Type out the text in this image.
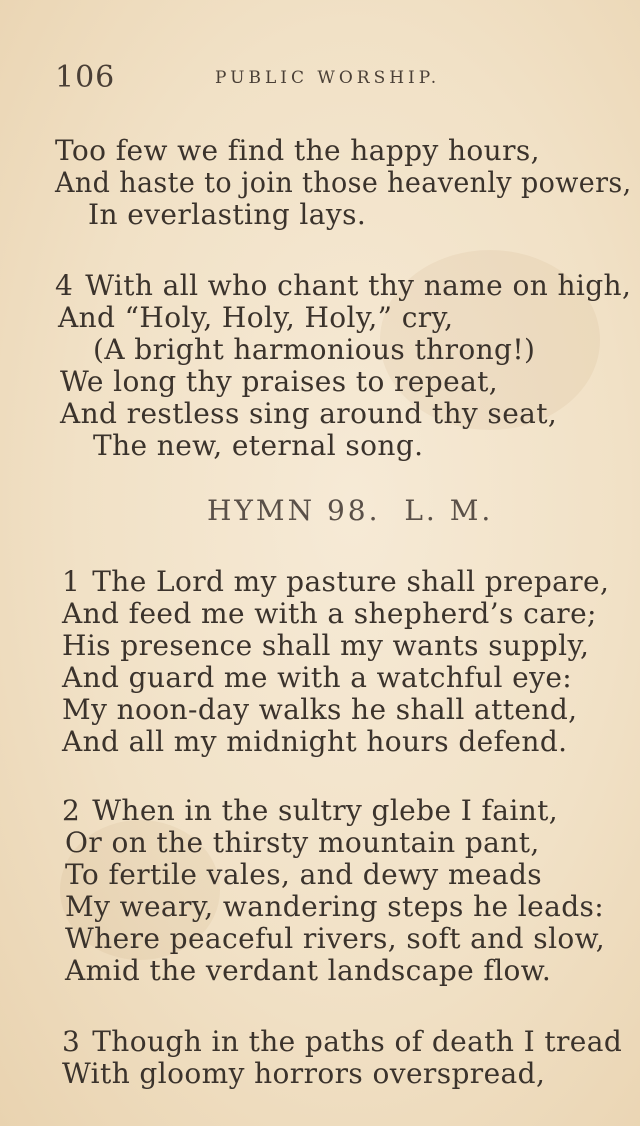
106	PUBLIC WORSHIP.
Too few we find the happy hours,
And haste to join those heavenly powers,
In everlasting lays.
4 With all who chant thy name on high,
And “Holy, Holy, Holy,” cry,
(A bright harmonious throng!)
We long thy praises to repeat,
And restless sing around thy seat,
The new, eternal song.
HYMN 98. L. M.
1 The Lord my pasture shall prepare,
And feed me with a shepherd’s care;
His presence shall my wants supply,
And guard me with a watchful eye:
My noon-day walks he shall attend,
And all my midnight hours defend.
2 When in the sultry glebe I faint,
Or on the thirsty mountain pant,
To fertile vales, and dewy meads
My weary, wandering steps he leads:
Where peaceful rivers, soft and slow,
Amid the verdant landscape flow.
3 Though in the paths of death I tread
With gloomy horrors overspread,
